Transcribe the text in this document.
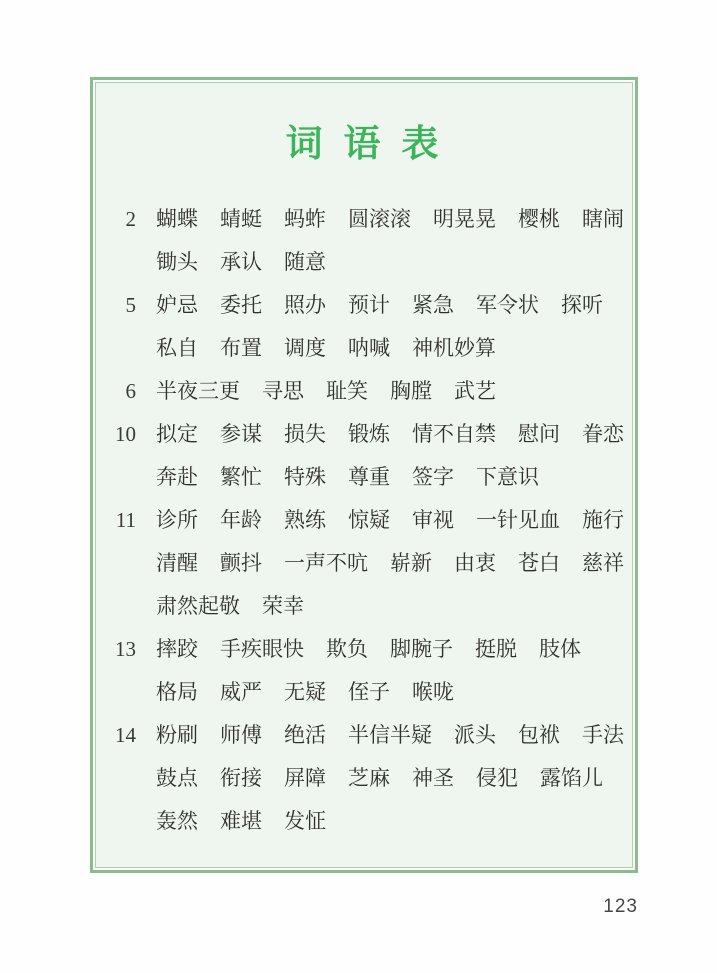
词 语 表
2 蝴蝶 蜻蜓 蚂蚱 圆滚滚 明晃晃 樱桃 瞎闹
锄头 承认 随意
5 妒忌 委托 照办 预计 紧急 军令状 探听
私自 布置 调度 呐喊 神机妙算
6 半夜三更 寻思 耻笑 胸膛 武艺
10 拟定 参谋 损失 锻炼 情不自禁 慰问 眷恋
奔赴 繁忙 特殊 尊重 签字 下意识
11 诊所 年龄 熟练 惊疑 审视 一针见血 施行
清醒 颤抖 一声不吭 崭新 由衷 苍白 慈祥
肃然起敬 荣幸
13 摔跤 手疾眼快 欺负 脚腕子 挺脱 肢体
格局 威严 无疑 侄子 喉咙
14 粉刷 师傅 绝活 半信半疑 派头 包袱 手法
鼓点 衔接 屏障 芝麻 神圣 侵犯 露馅儿
轰然 难堪 发怔
123
